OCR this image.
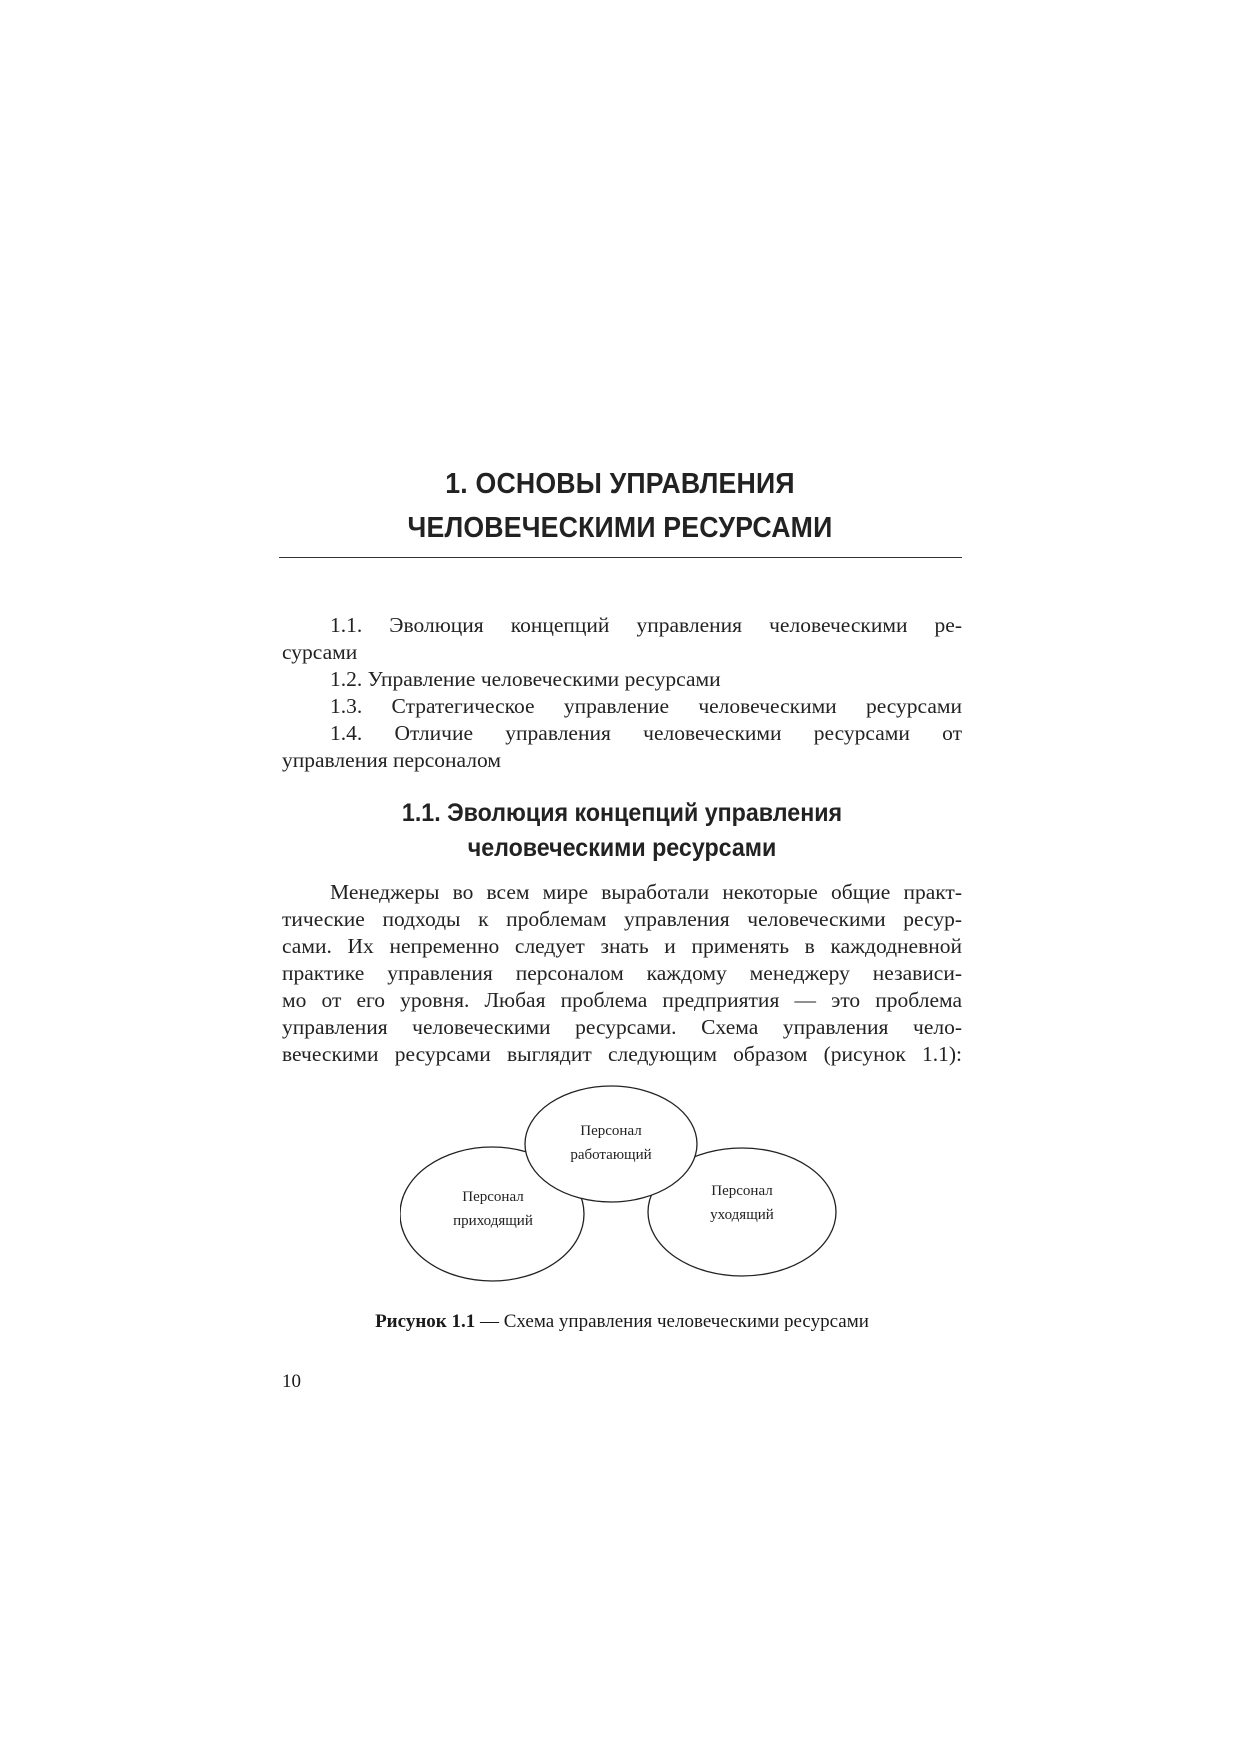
1. ОСНОВЫ УПРАВЛЕНИЯ
ЧЕЛОВЕЧЕСКИМИ РЕСУРСАМИ
1.1. Эволюция концепций управления человеческими ре-
сурсами
1.2. Управление человеческими ресурсами
1.3. Стратегическое управление человеческими ресурсами
1.4. Отличие управления человеческими ресурсами от
управления персоналом
1.1. Эволюция концепций управления
человеческими ресурсами
Менеджеры во всем мире выработали некоторые общие практ-
тические подходы к проблемам управления человеческими ресур-
сами. Их непременно следует знать и применять в каждодневной
практике управления персоналом каждому менеджеру независи-
мо от его уровня. Любая проблема предприятия — это проблема
управления человеческими ресурсами. Схема управления чело-
веческими ресурсами выглядит следующим образом (рисунок 1.1):
Персонал
работающий
Персонал
приходящий
Персонал
уходящий
Рисунок 1.1 — Схема управления человеческими ресурсами
10
